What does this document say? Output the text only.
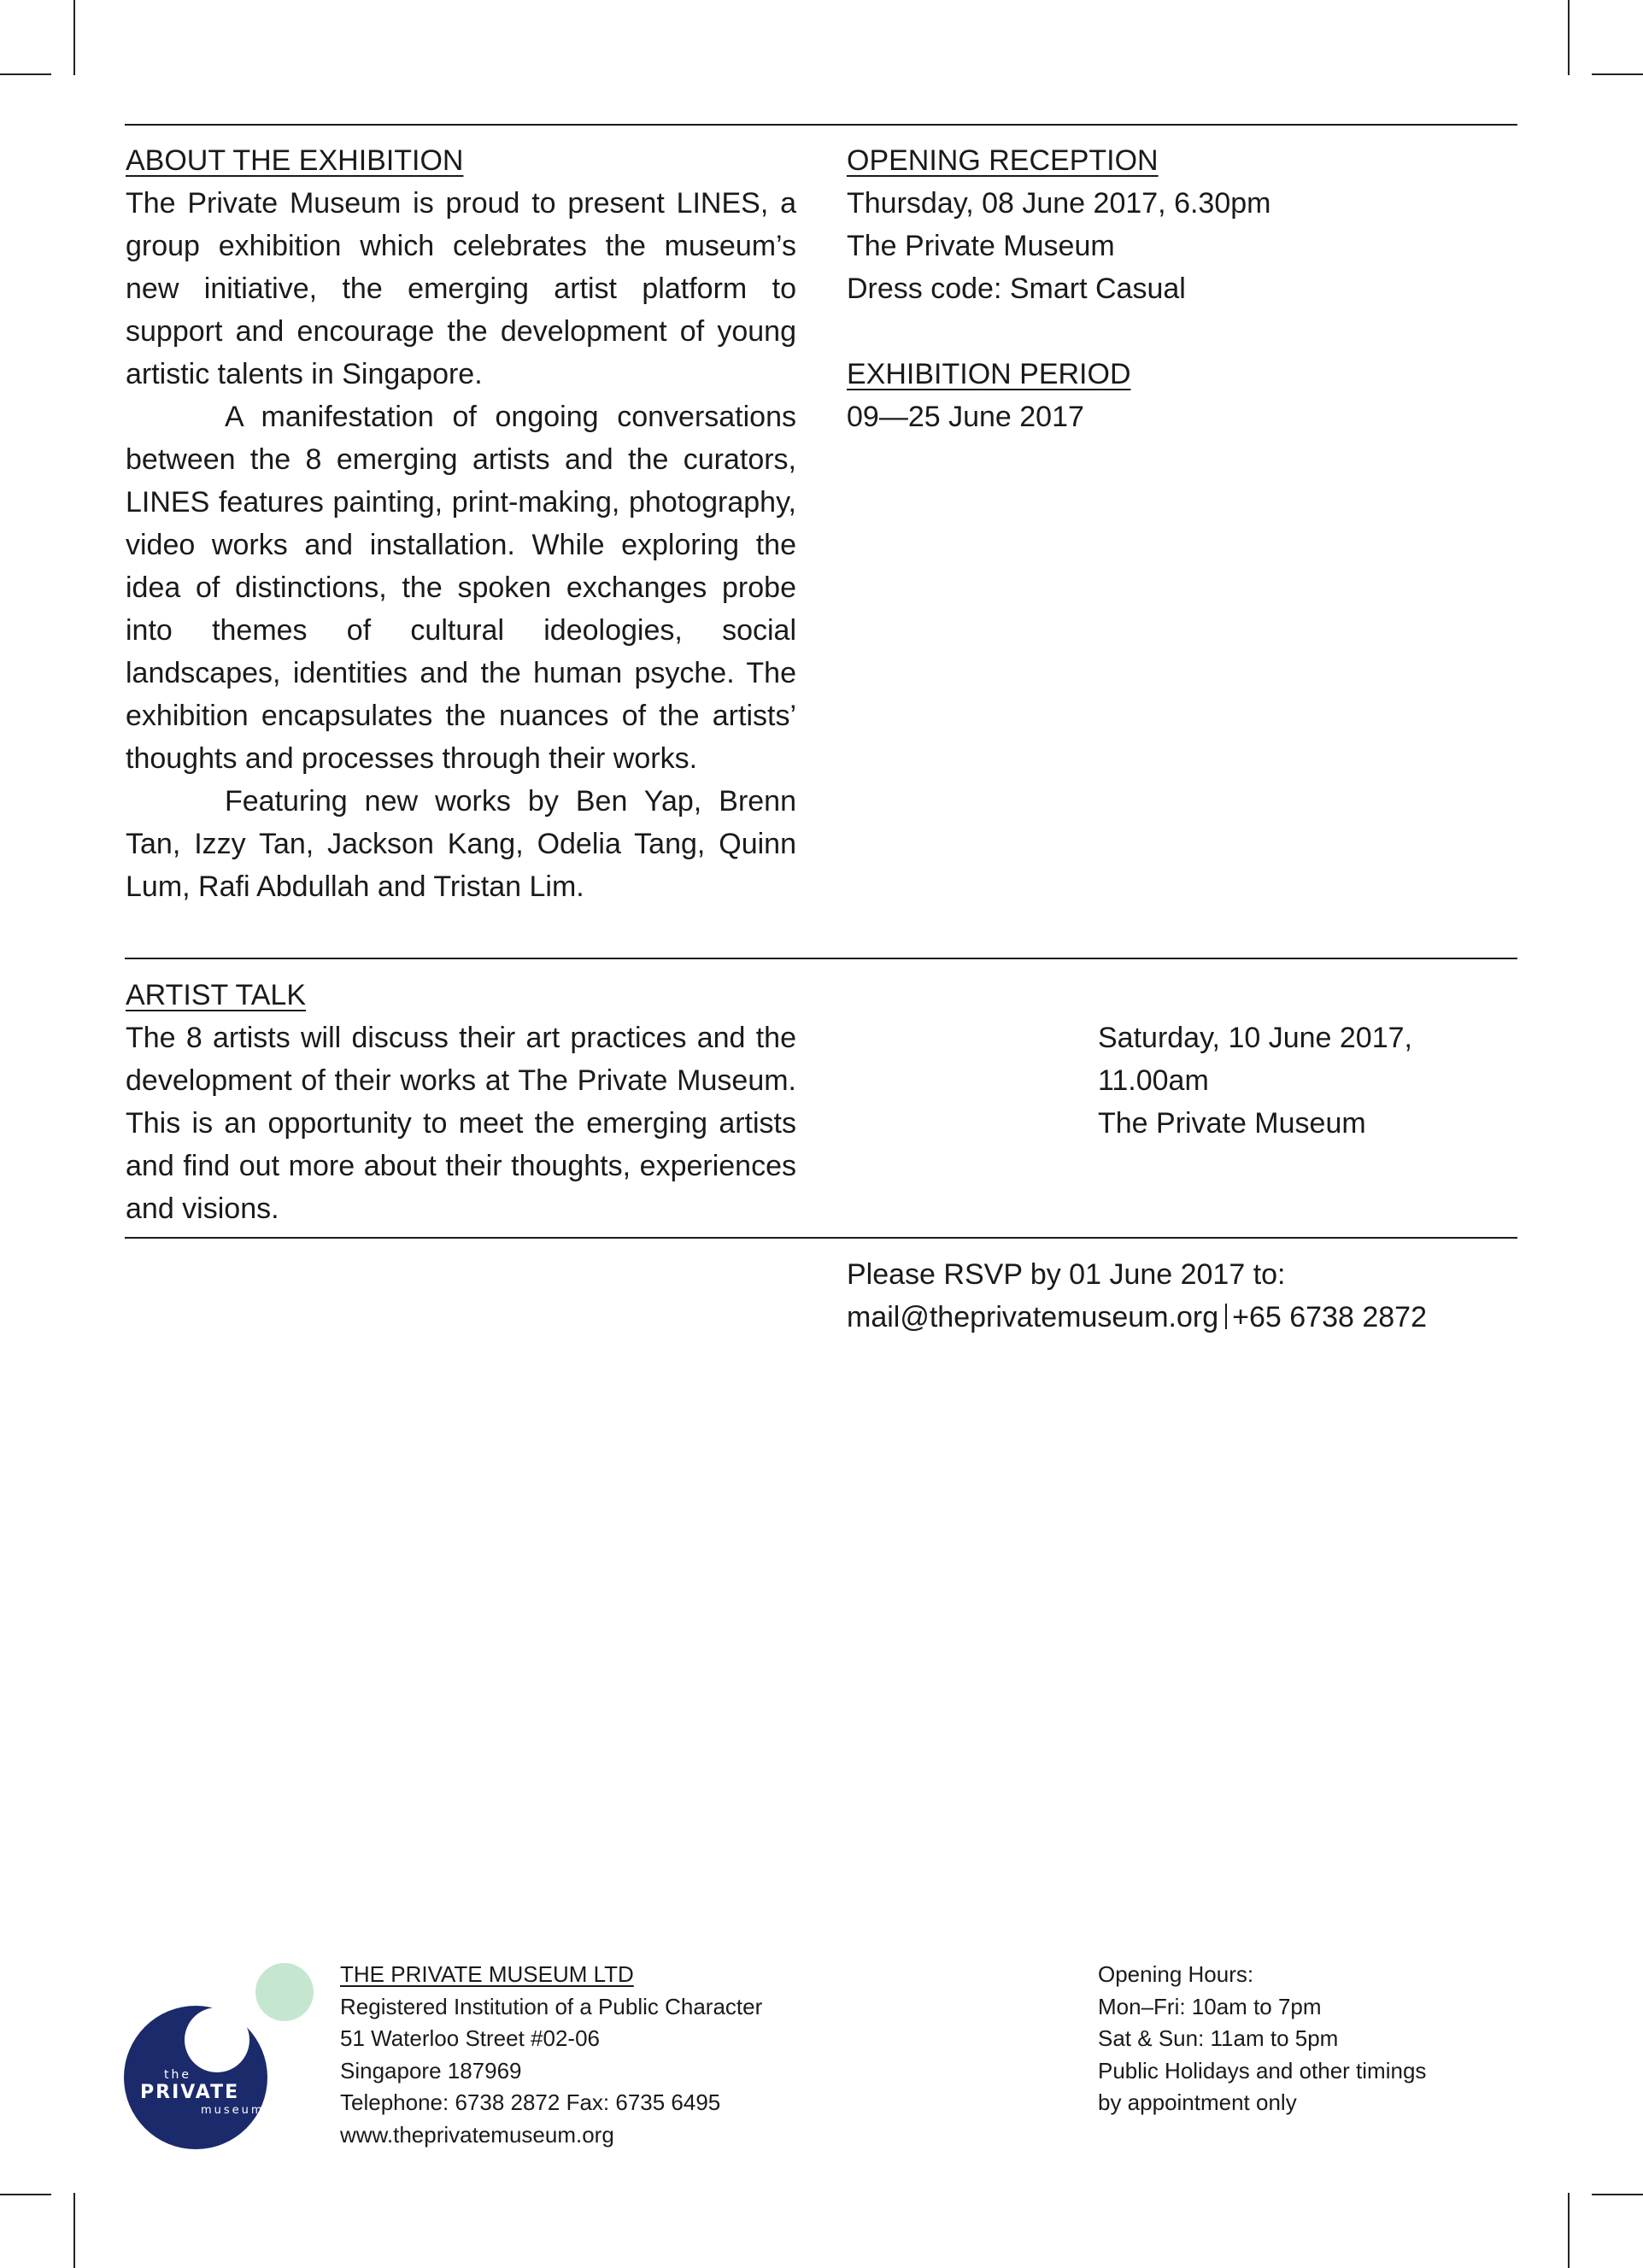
ABOUT THE EXHIBITION

The Private Museum is proud to present LINES, a group exhibition which celebrates the museum’s new initiative, the emerging artist platform to support and encourage the development of young artistic talents in Singapore.

A manifestation of ongoing conversations between the 8 emerging artists and the curators, LINES features painting, print-making, photography, video works and installation. While exploring the idea of distinctions, the spoken exchanges probe into themes of cultural ideologies, social landscapes, identities and the human psyche. The exhibition encapsulates the nuances of the artists’ thoughts and processes through their works.

Featuring new works by Ben Yap, Brenn Tan, Izzy Tan, Jackson Kang, Odelia Tang, Quinn Lum, Rafi Abdullah and Tristan Lim.

OPENING RECEPTION

Thursday, 08 June 2017, 6.30pm

The Private Museum

Dress code: Smart Casual

EXHIBITION PERIOD

09—25 June 2017

ARTIST TALK

The 8 artists will discuss their art practices and the development of their works at The Private Museum. This is an opportunity to meet the emerging artists and find out more about their thoughts, experiences and visions.

Saturday, 10 June 2017, 11.00am

The Private Museum

Please RSVP by 01 June 2017 to:

mail@theprivatemuseum.org +65 6738 2872

the
PRIVATE
museum

THE PRIVATE MUSEUM LTD

Registered Institution of a Public Character

51 Waterloo Street #02-06

Singapore 187969

Telephone: 6738 2872 Fax: 6735 6495

www.theprivatemuseum.org

Opening Hours:

Mon–Fri: 10am to 7pm

Sat & Sun: 11am to 5pm

Public Holidays and other timings

by appointment only
